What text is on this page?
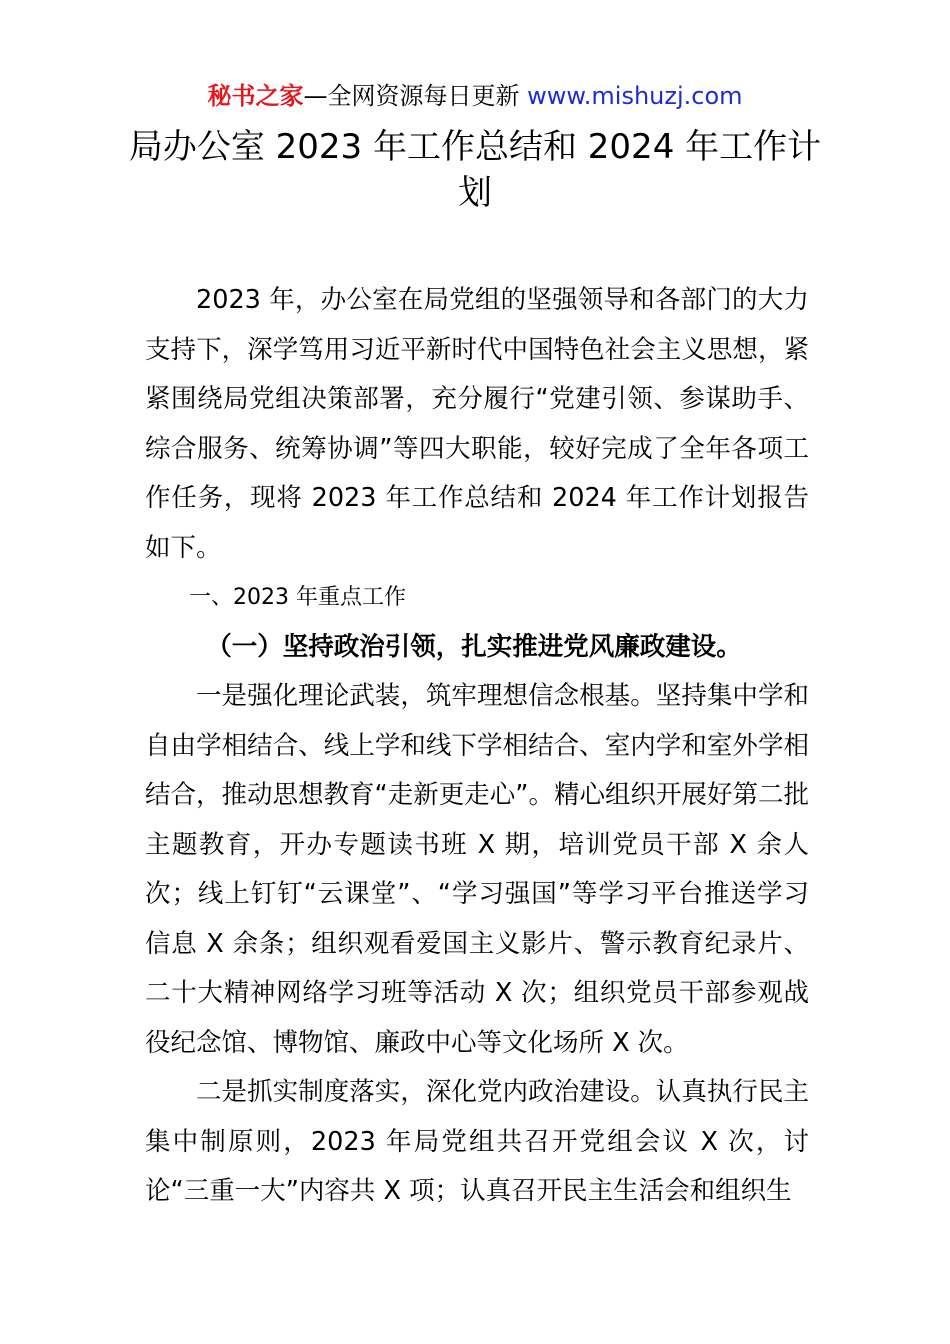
秘书之家—全网资源每日更新 www.mishuzj.com
局办公室 2023 年工作总结和 2024 年工作计划

2023 年，办公室在局党组的坚强领导和各部门的大力支持下，深学笃用习近平新时代中国特色社会主义思想，紧紧围绕局党组决策部署，充分履行“党建引领、参谋助手、综合服务、统筹协调”等四大职能，较好完成了全年各项工作任务，现将 2023 年工作总结和 2024 年工作计划报告如下。

一、2023 年重点工作

（一）坚持政治引领，扎实推进党风廉政建设。

一是强化理论武装，筑牢理想信念根基。坚持集中学和自由学相结合、线上学和线下学相结合、室内学和室外学相结合，推动思想教育“走新更走心”。精心组织开展好第二批主题教育，开办专题读书班 X 期，培训党员干部 X 余人次；线上钉钉“云课堂”、“学习强国”等学习平台推送学习信息 X 余条；组织观看爱国主义影片、警示教育纪录片、二十大精神网络学习班等活动 X 次；组织党员干部参观战役纪念馆、博物馆、廉政中心等文化场所 X 次。

二是抓实制度落实，深化党内政治建设。认真执行民主集中制原则，2023 年局党组共召开党组会议 X 次，讨论“三重一大”内容共 X 项；认真召开民主生活会和组织生
